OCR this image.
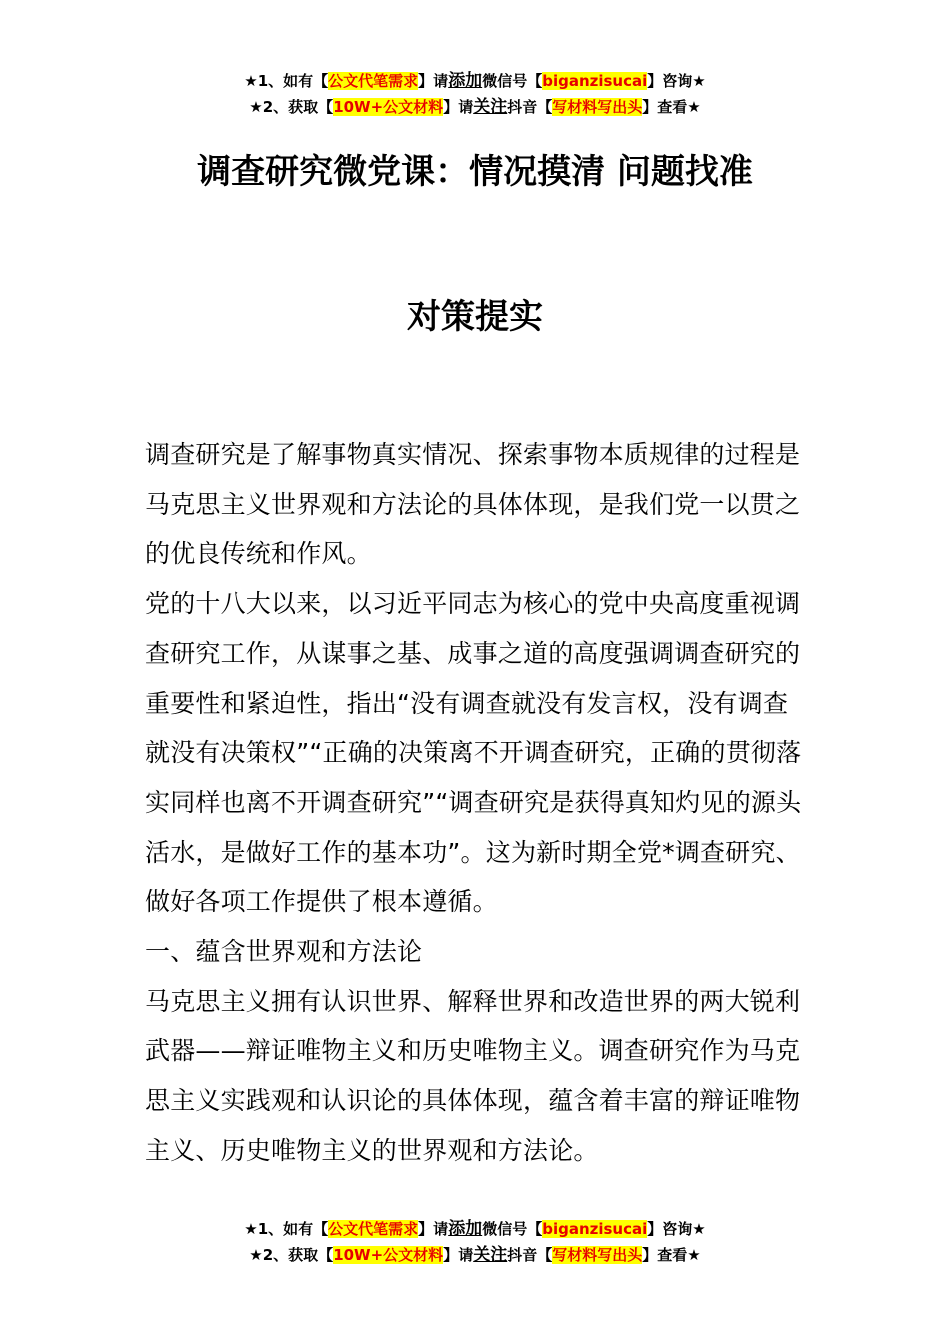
★1、如有【公文代笔需求】请添加微信号【biganzisucai】咨询★
★2、获取【10W+公文材料】请关注抖音【写材料写出头】查看★
调查研究微党课：情况摸清 问题找准
对策提实

调查研究是了解事物真实情况、探索事物本质规律的过程是马克思主义世界观和方法论的具体体现，是我们党一以贯之的优良传统和作风。

党的十八大以来，以习近平同志为核心的党中央高度重视调查研究工作，从谋事之基、成事之道的高度强调调查研究的重要性和紧迫性，指出“没有调查就没有发言权，没有调查就没有决策权”“正确的决策离不开调查研究，正确的贯彻落实同样也离不开调查研究”“调查研究是获得真知灼见的源头活水，是做好工作的基本功”。这为新时期全党*调查研究、做好各项工作提供了根本遵循。

一、蕴含世界观和方法论

马克思主义拥有认识世界、解释世界和改造世界的两大锐利武器——辩证唯物主义和历史唯物主义。调查研究作为马克思主义实践观和认识论的具体体现，蕴含着丰富的辩证唯物主义、历史唯物主义的世界观和方法论。

★1、如有【公文代笔需求】请添加微信号【biganzisucai】咨询★
★2、获取【10W+公文材料】请关注抖音【写材料写出头】查看★
